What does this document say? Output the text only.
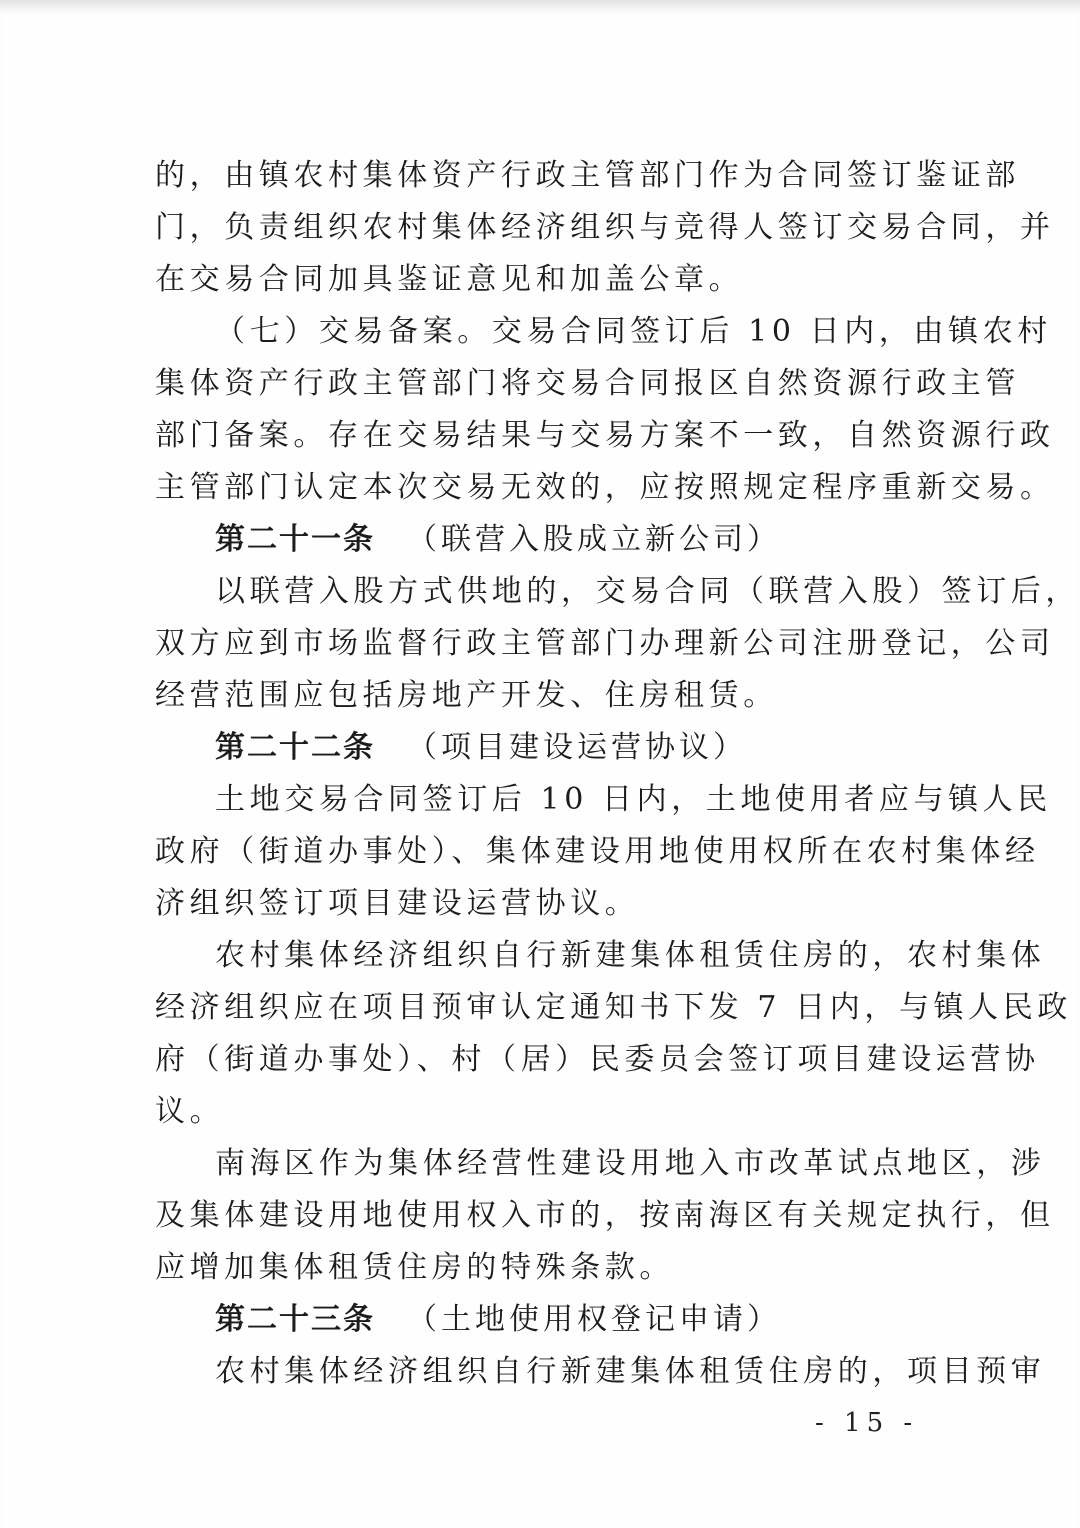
的，由镇农村集体资产行政主管部门作为合同签订鉴证部

门，负责组织农村集体经济组织与竞得人签订交易合同，并

在交易合同加具鉴证意见和加盖公章。

（七）交易备案。交易合同签订后 10 日内，由镇农村

集体资产行政主管部门将交易合同报区自然资源行政主管

部门备案。存在交易结果与交易方案不一致，自然资源行政

主管部门认定本次交易无效的，应按照规定程序重新交易。

第二十一条 （联营入股成立新公司）

以联营入股方式供地的，交易合同（联营入股）签订后，

双方应到市场监督行政主管部门办理新公司注册登记，公司

经营范围应包括房地产开发、住房租赁。

第二十二条 （项目建设运营协议）

土地交易合同签订后 10 日内，土地使用者应与镇人民

政府（街道办事处）、集体建设用地使用权所在农村集体经

济组织签订项目建设运营协议。

农村集体经济组织自行新建集体租赁住房的，农村集体

经济组织应在项目预审认定通知书下发 7 日内，与镇人民政

府（街道办事处）、村（居）民委员会签订项目建设运营协

议。

南海区作为集体经营性建设用地入市改革试点地区，涉

及集体建设用地使用权入市的，按南海区有关规定执行，但

应增加集体租赁住房的特殊条款。

第二十三条 （土地使用权登记申请）

农村集体经济组织自行新建集体租赁住房的，项目预审

- 15 -
